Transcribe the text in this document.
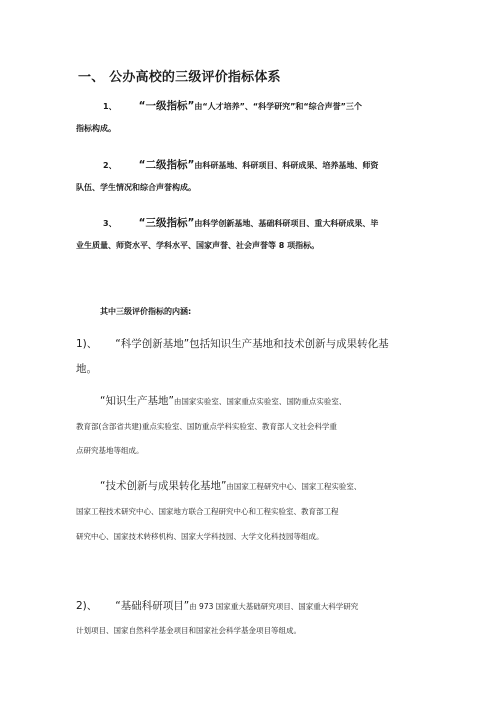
一、 公办高校的三级评价指标体系
1、 “一级指标”由“人才培养”、“科学研究”和“综合声誉”三个
指标构成。
2、 “二级指标”由科研基地、科研项目、科研成果、培养基地、师资
队伍、学生情况和综合声誉构成。
3、 “三级指标”由科学创新基地、基础科研项目、重大科研成果、毕
业生质量、师资水平、学科水平、国家声誉、社会声誉等 8 项指标。
其中三级评价指标的内涵:
1)、 “科学创新基地”包括知识生产基地和技术创新与成果转化基
地。
“知识生产基地”由国家实验室、国家重点实验室、国防重点实验室、
教育部(含部省共建)重点实验室、国防重点学科实验室、教育部人文社会科学重
点研究基地等组成。
“技术创新与成果转化基地”由国家工程研究中心、国家工程实验室、
国家工程技术研究中心、国家地方联合工程研究中心和工程实验室、教育部工程
研究中心、国家技术转移机构、国家大学科技园、大学文化科技园等组成。
2)、 “基础科研项目”由 973 国家重大基础研究项目、国家重大科学研究
计划项目、国家自然科学基金项目和国家社会科学基金项目等组成。
